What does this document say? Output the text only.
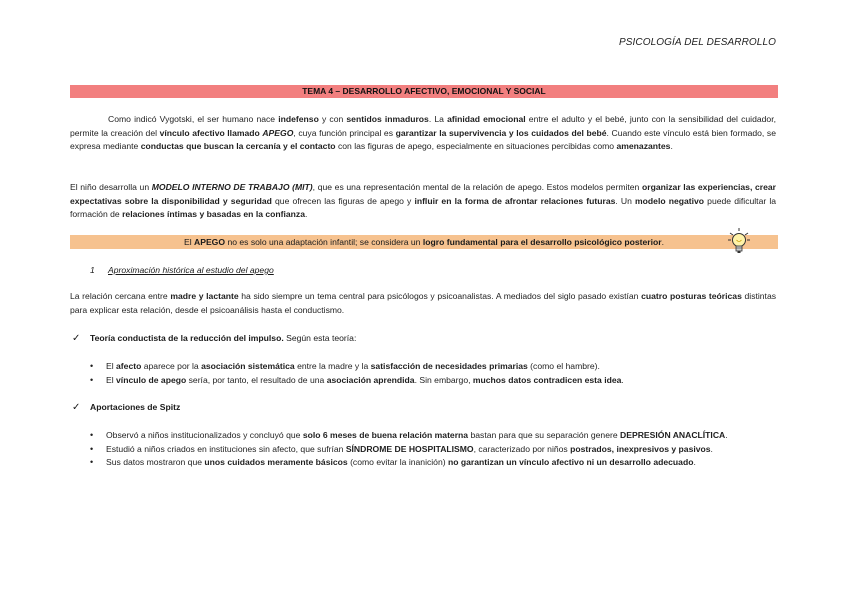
PSICOLOGÍA DEL DESARROLLO
TEMA 4 – DESARROLLO AFECTIVO, EMOCIONAL Y SOCIAL
Como indicó Vygotski, el ser humano nace indefenso y con sentidos inmaduros. La afinidad emocional entre el adulto y el bebé, junto con la sensibilidad del cuidador, permite la creación del vínculo afectivo llamado APEGO, cuya función principal es garantizar la supervivencia y los cuidados del bebé. Cuando este vínculo está bien formado, se expresa mediante conductas que buscan la cercanía y el contacto con las figuras de apego, especialmente en situaciones percibidas como amenazantes.
El niño desarrolla un MODELO INTERNO DE TRABAJO (MIT), que es una representación mental de la relación de apego. Estos modelos permiten organizar las experiencias, crear expectativas sobre la disponibilidad y seguridad que ofrecen las figuras de apego y influir en la forma de afrontar relaciones futuras. Un modelo negativo puede dificultar la formación de relaciones íntimas y basadas en la confianza.
El APEGO no es solo una adaptación infantil; se considera un logro fundamental para el desarrollo psicológico posterior.
1 Aproximación histórica al estudio del apego
La relación cercana entre madre y lactante ha sido siempre un tema central para psicólogos y psicoanalistas. A mediados del siglo pasado existían cuatro posturas teóricas distintas para explicar esta relación, desde el psicoanálisis hasta el conductismo.
✓ Teoría conductista de la reducción del impulso. Según esta teoría:
• El afecto aparece por la asociación sistemática entre la madre y la satisfacción de necesidades primarias (como el hambre).
• El vínculo de apego sería, por tanto, el resultado de una asociación aprendida. Sin embargo, muchos datos contradicen esta idea.
✓ Aportaciones de Spitz
• Observó a niños institucionalizados y concluyó que solo 6 meses de buena relación materna bastan para que su separación genere DEPRESIÓN ANACLÍTICA.
• Estudió a niños criados en instituciones sin afecto, que sufrían SÍNDROME DE HOSPITALISMO, caracterizado por niños postrados, inexpresivos y pasivos.
• Sus datos mostraron que unos cuidados meramente básicos (como evitar la inanición) no garantizan un vínculo afectivo ni un desarrollo adecuado.
